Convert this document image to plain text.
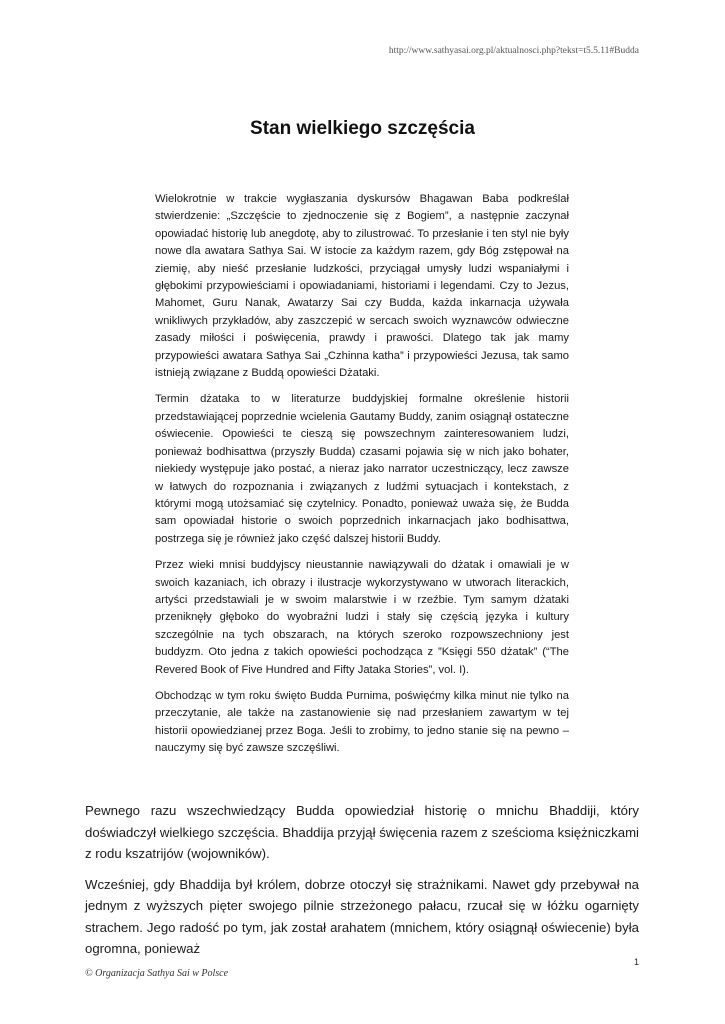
http://www.sathyasai.org.pl/aktualnosci.php?tekst=t5.5.11#Budda
Stan wielkiego szczęścia

Wielokrotnie w trakcie wygłaszania dyskursów Bhagawan Baba podkreślał stwierdzenie: „Szczęście to zjednoczenie się z Bogiem”, a następnie zaczynał opowiadać historię lub anegdotę, aby to zilustrować. To przesłanie i ten styl nie były nowe dla awatara Sathya Sai. W istocie za każdym razem, gdy Bóg zstępował na ziemię, aby nieść przesłanie ludzkości, przyciągał umysły ludzi wspaniałymi i głębokimi przypowieściami i opowiadaniami, historiami i legendami. Czy to Jezus, Mahomet, Guru Nanak, Awatarzy Sai czy Budda, każda inkarnacja używała wnikliwych przykładów, aby zaszczepić w sercach swoich wyznawców odwieczne zasady miłości i poświęcenia, prawdy i prawości. Dlatego tak jak mamy przypowieści awatara Sathya Sai „Czhinna katha” i przypowieści Jezusa, tak samo istnieją związane z Buddą opowieści Dżataki.

Termin dżataka to w literaturze buddyjskiej formalne określenie historii przedstawiającej poprzednie wcielenia Gautamy Buddy, zanim osiągnął ostateczne oświecenie. Opowieści te cieszą się powszechnym zainteresowaniem ludzi, ponieważ bodhisattwa (przyszły Budda) czasami pojawia się w nich jako bohater, niekiedy występuje jako postać, a nieraz jako narrator uczestniczący, lecz zawsze w łatwych do rozpoznania i związanych z ludźmi sytuacjach i kontekstach, z którymi mogą utożsamiać się czytelnicy. Ponadto, ponieważ uważa się, że Budda sam opowiadał historie o swoich poprzednich inkarnacjach jako bodhisattwa, postrzega się je również jako część dalszej historii Buddy.

Przez wieki mnisi buddyjscy nieustannie nawiązywali do dżatak i omawiali je w swoich kazaniach, ich obrazy i ilustracje wykorzystywano w utworach literackich, artyści przedstawiali je w swoim malarstwie i w rzeźbie. Tym samym dżataki przeniknęły głęboko do wyobraźni ludzi i stały się częścią języka i kultury szczególnie na tych obszarach, na których szeroko rozpowszechniony jest buddyzm. Oto jedna z takich opowieści pochodząca z ”Księgi 550 dżatak” (“The Revered Book of Five Hundred and Fifty Jataka Stories”, vol. I).

Obchodząc w tym roku święto Budda Purnima, poświęćmy kilka minut nie tylko na przeczytanie, ale także na zastanowienie się nad przesłaniem zawartym w tej historii opowiedzianej przez Boga. Jeśli to zrobimy, to jedno stanie się na pewno – nauczymy się być zawsze szczęśliwi.

Pewnego razu wszechwiedzący Budda opowiedział historię o mnichu Bhaddiji, który doświadczył wielkiego szczęścia. Bhaddija przyjął święcenia razem z sześcioma księżniczkami z rodu kszatrijów (wojowników).

Wcześniej, gdy Bhaddija był królem, dobrze otoczył się strażnikami. Nawet gdy przebywał na jednym z wyższych pięter swojego pilnie strzeżonego pałacu, rzucał się w łóżku ogarnięty strachem. Jego radość po tym, jak został arahatem (mnichem, który osiągnął oświecenie) była ogromna, ponieważ

1
© Organizacja Sathya Sai w Polsce
